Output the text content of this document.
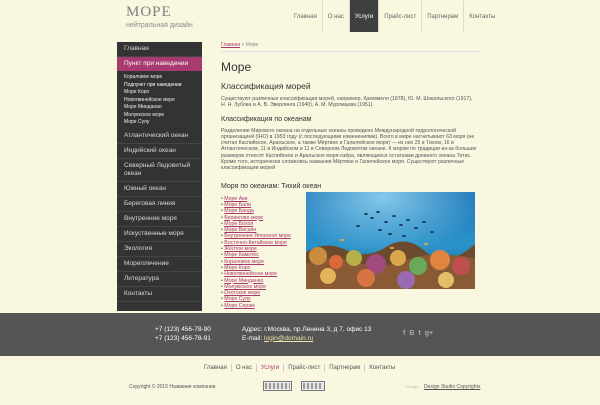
МОРЕ
нейтральная дизайн
Главная	О нас	Услуги	Прайс-лист	Партнерам	Контакты
Главная
Пункт при наведении
Кораловое море
Подпункт при наведении
Море Коро
Новогвинейское море
Море Минданао
Молуккское море
Море Сулу
Атлантический океан
Индийский океан
Северный Ледовитый океан
Южный океан
Береговая линия
Внутренние моря
Искуственные моря
Экология
Мореплечение
Литература
Контакты
Главная > Море
Море
Классификация морей

Существуют различные классификации морей, например, Крюммеля (1878), Ю. М. Шокальского (1917), Н. Н. Зубова и А. В. Эверлинга (1940), А. М. Муромцева (1951).

Классификация по океанам

Разделение Мирового океана на отдельные океаны проведено Международной гидрологической организацией (IHO) в 1953 году (с последующими изменениями). Всего в мире насчитывают 63 моря (не считая Каспийское, Аральское, а также Мёртвое и Галилейское моря) — из них 25 в Тихом, 16 в Атлантическом, 11 в Индийском и 11 в Северном Ледовитом океане. К морям по традиции из-за больших размеров относят Каспийское и Аральское моря-озёра, являющиеся остатками древнего океана Тетис. Кроме того, исторически сложились названия Мёртвое и Галилейское моря. Существуют различные классификации морей

Моря по океанам: Тихий океан
• Море Аки
• Море Бали
• Море Банда
• Беринговo море
• Море Бохол
• Море Висаян
• Внутреннее Японское море
• Восточно-Китайское море
• Жёлтое море
• Море Камотес
• Кораловое море
• Море Коро
• Новогвинейское море
• Море Минданао
• Молуккское море
• Охотское море
• Море Сулу
• Море Серам
+7 (123) 456-78-90
+7 (123) 456-78-91
Адрес: г.Москва, пр.Ленина 3, д 7, офис 13
E-mail: login@domain.ru
f B t g+
Главная	О нас	Услуги	Прайс-лист	Партнерам	Контакты
Copyright © 2015 Название компании	Design Design Studio Copyrights
